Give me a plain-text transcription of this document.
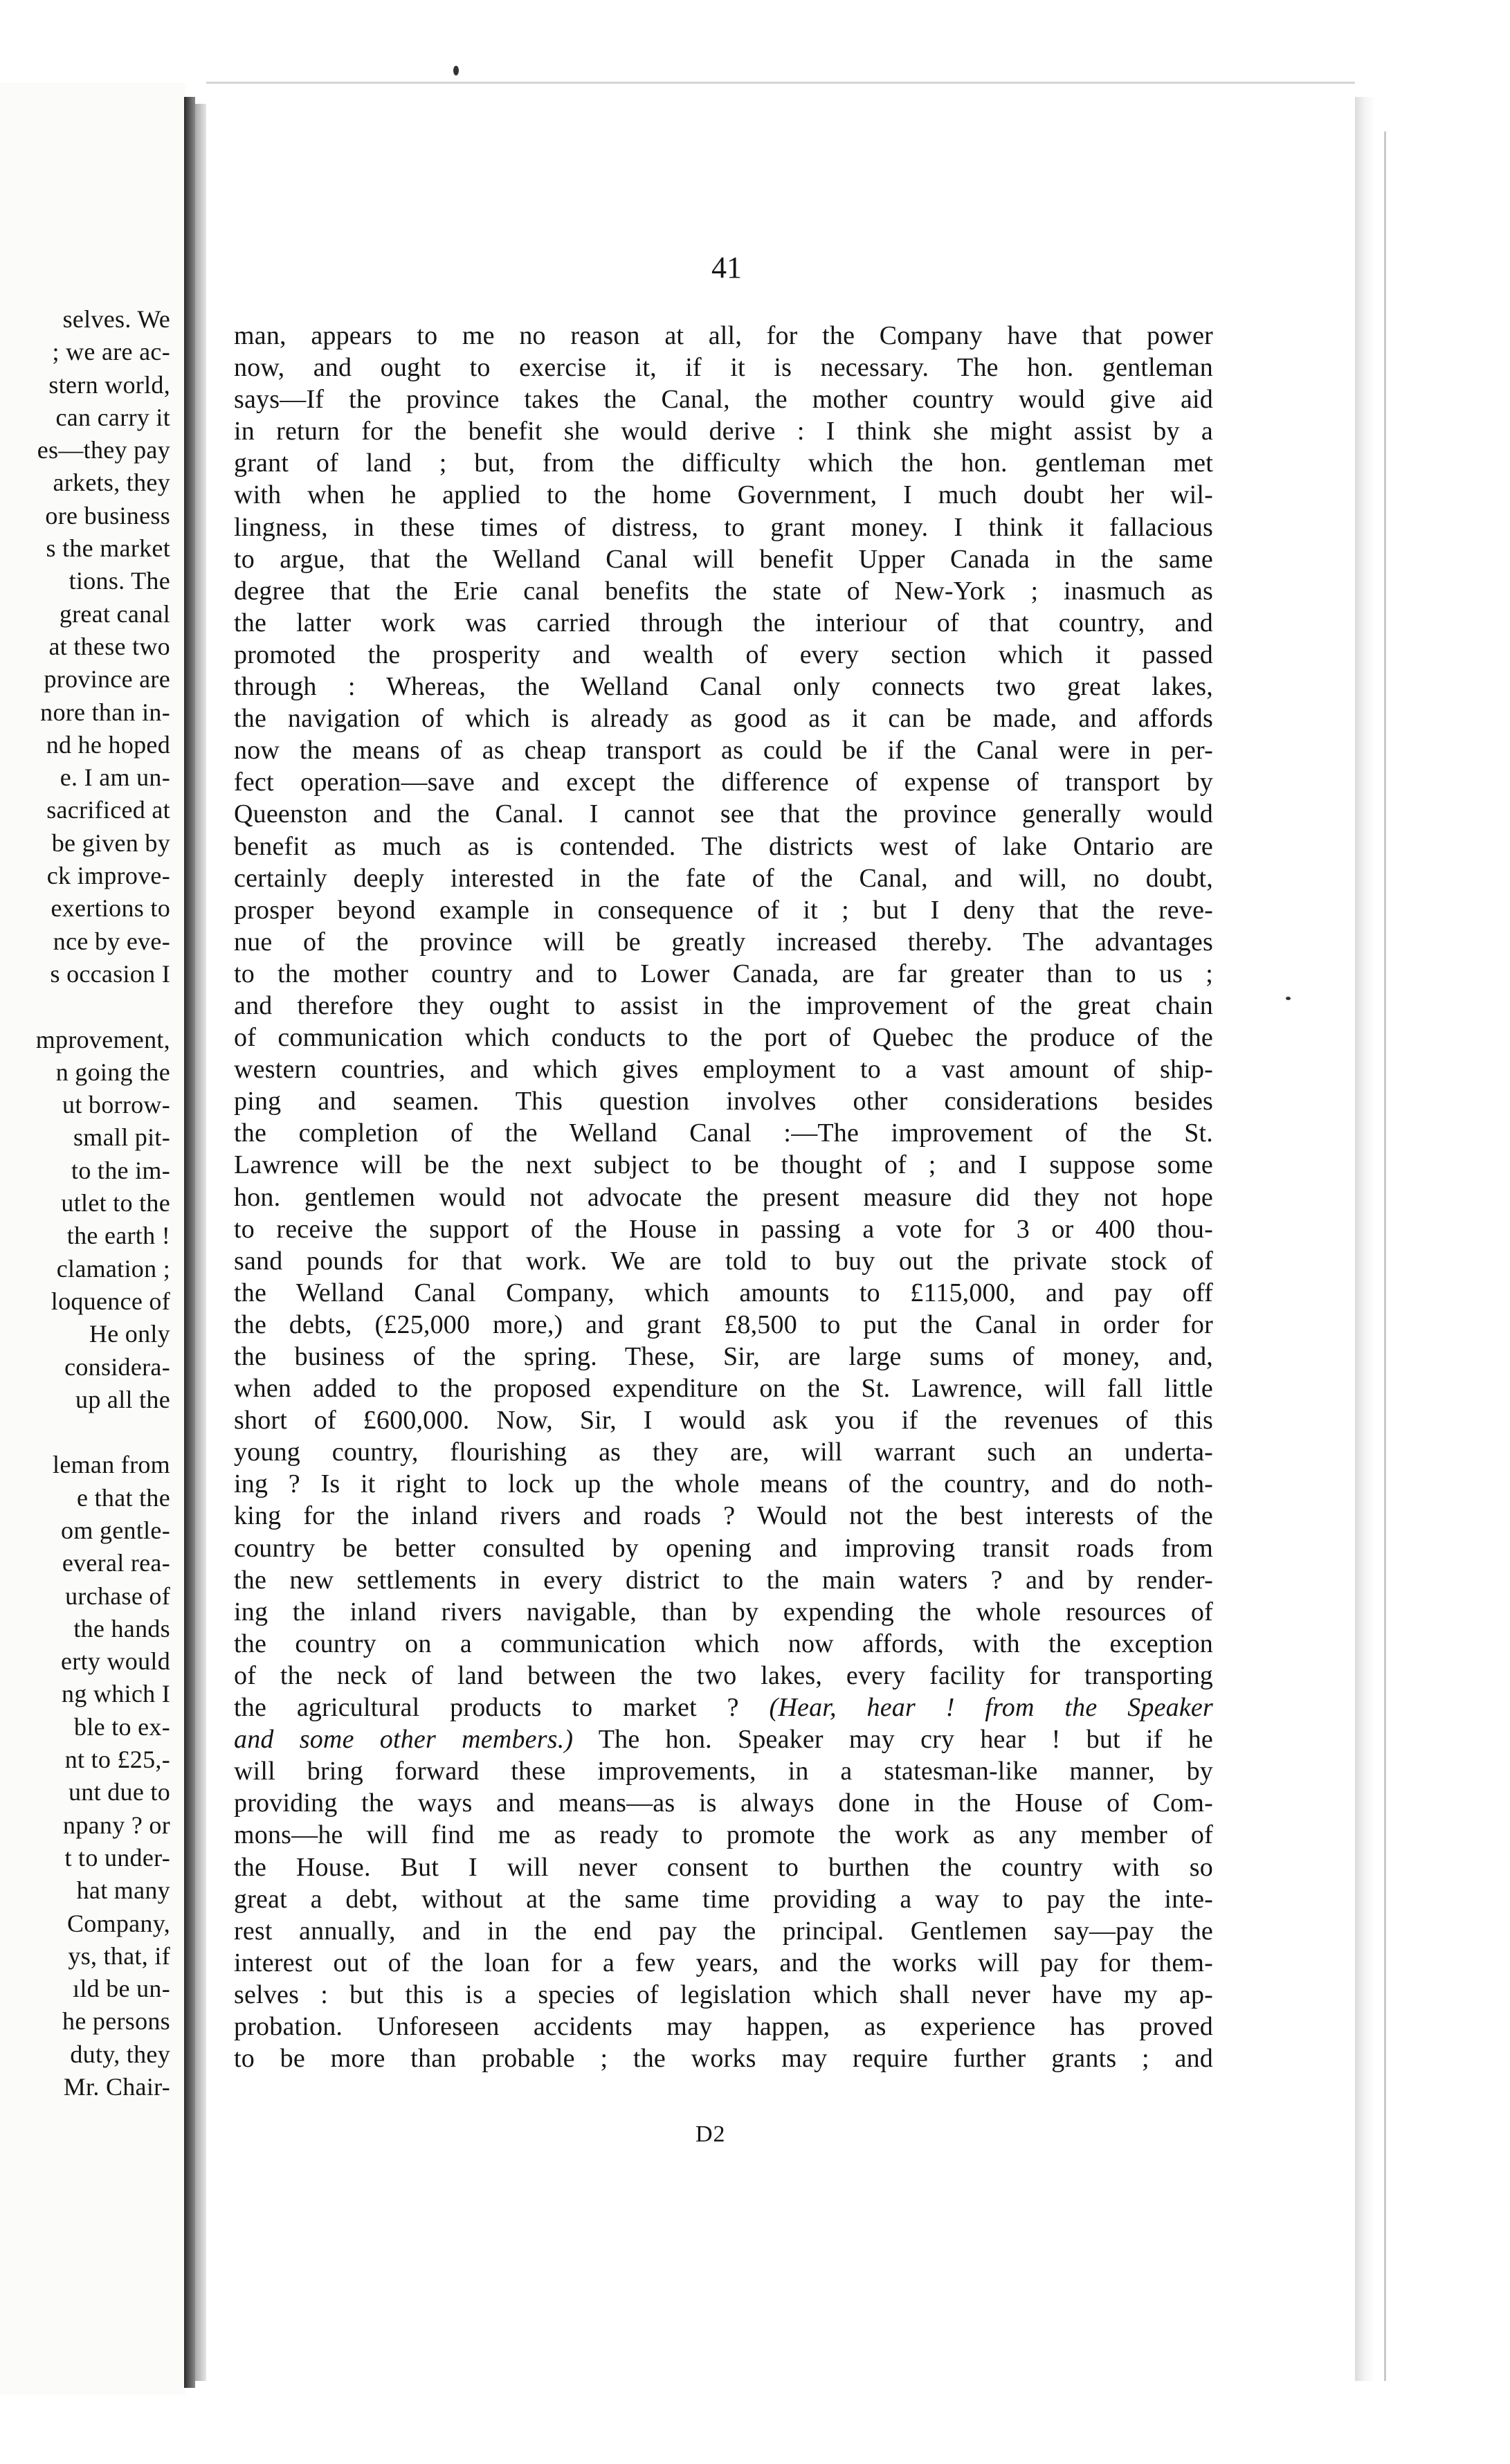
selves. We
; we are ac-
stern world,
can carry it
es—they pay
arkets, they
ore business
s the market
tions. The
great canal
at these two
province are
nore than in-
nd he hoped
e. I am un-
sacrificed at
be given by
ck improve-
exertions to
nce by eve-
s occasion I
mprovement,
n going the
ut borrow-
small pit-
to the im-
utlet to the
the earth !
clamation ;
loquence of
He only
considera-
up all the
leman from
e that the
om gentle-
everal rea-
urchase of
the hands
erty would
ng which I
ble to ex-
nt to £25,-
unt due to
npany ? or
t to under-
hat many
Company,
ys, that, if
ıld be un-
he persons
duty, they
Mr. Chair-
41
man, appears to me no reason at all, for the Company have that power
now, and ought to exercise it, if it is necessary. The hon. gentleman
says—If the province takes the Canal, the mother country would give aid
in return for the benefit she would derive : I think she might assist by a
grant of land ; but, from the difficulty which the hon. gentleman met
with when he applied to the home Government, I much doubt her wil-
lingness, in these times of distress, to grant money. I think it fallacious
to argue, that the Welland Canal will benefit Upper Canada in the same
degree that the Erie canal benefits the state of New-York ; inasmuch as
the latter work was carried through the interiour of that country, and
promoted the prosperity and wealth of every section which it passed
through : Whereas, the Welland Canal only connects two great lakes,
the navigation of which is already as good as it can be made, and affords
now the means of as cheap transport as could be if the Canal were in per-
fect operation—save and except the difference of expense of transport by
Queenston and the Canal. I cannot see that the province generally would
benefit as much as is contended. The districts west of lake Ontario are
certainly deeply interested in the fate of the Canal, and will, no doubt,
prosper beyond example in consequence of it ; but I deny that the reve-
nue of the province will be greatly increased thereby. The advantages
to the mother country and to Lower Canada, are far greater than to us ;
and therefore they ought to assist in the improvement of the great chain
of communication which conducts to the port of Quebec the produce of the
western countries, and which gives employment to a vast amount of ship-
ping and seamen. This question involves other considerations besides
the completion of the Welland Canal :—The improvement of the St.
Lawrence will be the next subject to be thought of ; and I suppose some
hon. gentlemen would not advocate the present measure did they not hope
to receive the support of the House in passing a vote for 3 or 400 thou-
sand pounds for that work. We are told to buy out the private stock of
the Welland Canal Company, which amounts to £115,000, and pay off
the debts, (£25,000 more,) and grant £8,500 to put the Canal in order for
the business of the spring. These, Sir, are large sums of money, and,
when added to the proposed expenditure on the St. Lawrence, will fall little
short of £600,000. Now, Sir, I would ask you if the revenues of this
young country, flourishing as they are, will warrant such an underta-
ing ? Is it right to lock up the whole means of the country, and do noth-
king for the inland rivers and roads ? Would not the best interests of the
country be better consulted by opening and improving transit roads from
the new settlements in every district to the main waters ? and by render-
ing the inland rivers navigable, than by expending the whole resources of
the country on a communication which now affords, with the exception
of the neck of land between the two lakes, every facility for transporting
the agricultural products to market ? (Hear, hear ! from the Speaker
and some other members.) The hon. Speaker may cry hear ! but if he
will bring forward these improvements, in a statesman-like manner, by
providing the ways and means—as is always done in the House of Com-
mons—he will find me as ready to promote the work as any member of
the House. But I will never consent to burthen the country with so
great a debt, without at the same time providing a way to pay the inte-
rest annually, and in the end pay the principal. Gentlemen say—pay the
interest out of the loan for a few years, and the works will pay for them-
selves : but this is a species of legislation which shall never have my ap-
probation. Unforeseen accidents may happen, as experience has proved
to be more than probable ; the works may require further grants ; and
D2
